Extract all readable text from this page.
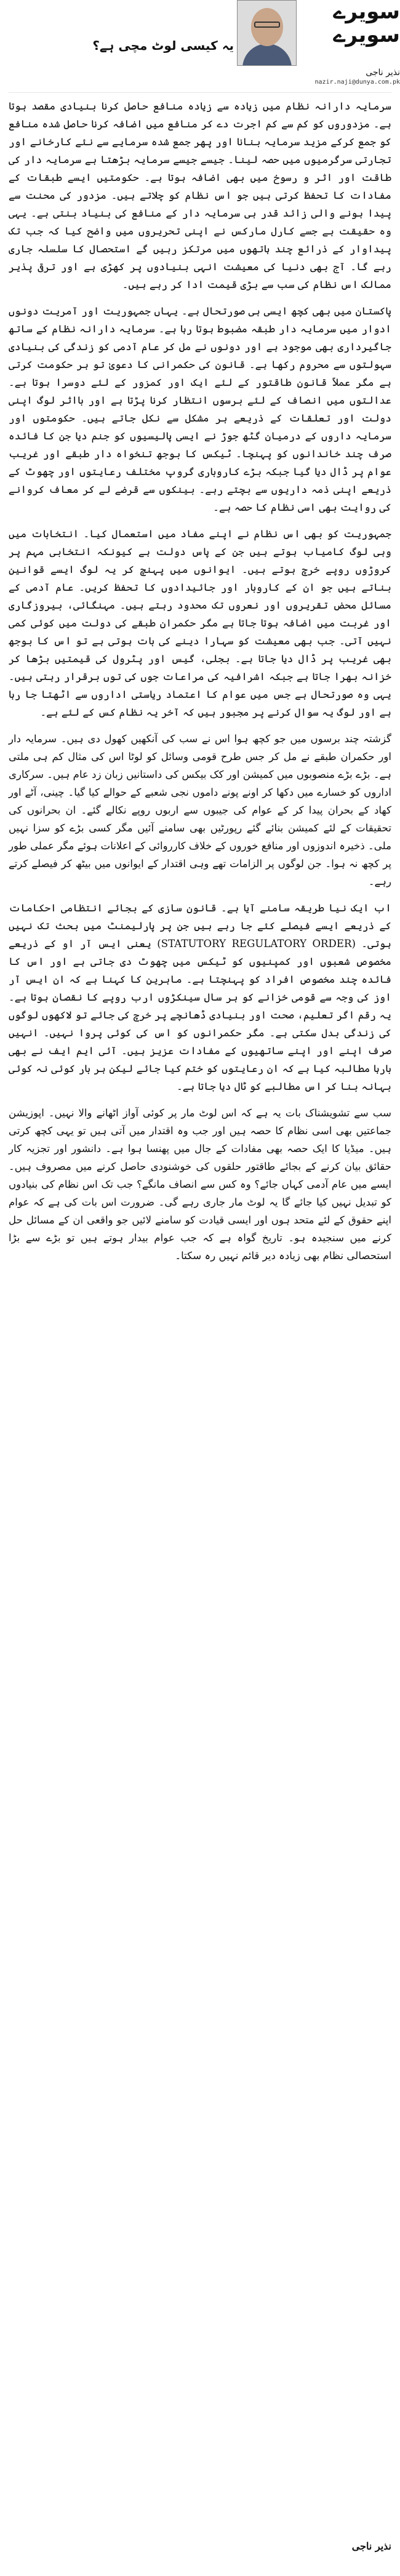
سویرے
سویرے
یہ کیسی لوٹ مچی ہے؟
نذیر ناجی
nazir.naji@dunya.com.pk

سرمایہ دارانہ نظام میں زیادہ سے زیادہ منافع حاصل کرنا بنیادی مقصد ہوتا ہے۔ مزدوروں کو کم سے کم اجرت دے کر منافع میں اضافہ کرنا حاصل شدہ منافع کو جمع کرکے مزید سرمایہ بنانا اور پھر جمع شدہ سرمایے سے نئے کارخانے اور تجارتی سرگرمیوں میں حصہ لینا۔ جیسے جیسے سرمایہ بڑھتا ہے سرمایہ دار کی طاقت اور اثر و رسوخ میں بھی اضافہ ہوتا ہے۔ حکومتیں ایسے طبقات کے مفادات کا تحفظ کرتی ہیں جو اس نظام کو چلاتے ہیں۔ مزدور کی محنت سے پیدا ہونے والی زائد قدر ہی سرمایہ دار کے منافع کی بنیاد بنتی ہے۔ یہی وہ حقیقت ہے جسے کارل مارکس نے اپنی تحریروں میں واضح کیا کہ جب تک پیداوار کے ذرائع چند ہاتھوں میں مرتکز رہیں گے استحصال کا سلسلہ جاری رہے گا۔ آج بھی دنیا کی معیشت انہی بنیادوں پر کھڑی ہے اور ترقی پذیر ممالک اس نظام کی سب سے بڑی قیمت ادا کر رہے ہیں۔

پاکستان میں بھی کچھ ایسی ہی صورتحال ہے۔ یہاں جمہوریت اور آمریت دونوں ادوار میں سرمایہ دار طبقہ مضبوط ہوتا رہا ہے۔ سرمایہ دارانہ نظام کے ساتھ جاگیرداری بھی موجود ہے اور دونوں نے مل کر عام آدمی کو زندگی کی بنیادی سہولتوں سے محروم رکھا ہے۔ قانون کی حکمرانی کا دعویٰ تو ہر حکومت کرتی ہے مگر عملاً قانون طاقتور کے لئے ایک اور کمزور کے لئے دوسرا ہوتا ہے۔ عدالتوں میں انصاف کے لئے برسوں انتظار کرنا پڑتا ہے اور بااثر لوگ اپنی دولت اور تعلقات کے ذریعے ہر مشکل سے نکل جاتے ہیں۔ حکومتوں اور سرمایہ داروں کے درمیان گٹھ جوڑ نے ایسی پالیسیوں کو جنم دیا جن کا فائدہ صرف چند خاندانوں کو پہنچا۔ ٹیکس کا بوجھ تنخواہ دار طبقے اور غریب عوام پر ڈال دیا گیا جبکہ بڑے کاروباری گروپ مختلف رعایتوں اور چھوٹ کے ذریعے اپنی ذمہ داریوں سے بچتے رہے۔ بینکوں سے قرضے لے کر معاف کروانے کی روایت بھی اسی نظام کا حصہ ہے۔

جمہوریت کو بھی اس نظام نے اپنے مفاد میں استعمال کیا۔ انتخابات میں وہی لوگ کامیاب ہوتے ہیں جن کے پاس دولت ہے کیونکہ انتخابی مہم پر کروڑوں روپے خرچ ہوتے ہیں۔ ایوانوں میں پہنچ کر یہ لوگ ایسے قوانین بناتے ہیں جو ان کے کاروبار اور جائیدادوں کا تحفظ کریں۔ عام آدمی کے مسائل محض تقریروں اور نعروں تک محدود رہتے ہیں۔ مہنگائی، بیروزگاری اور غربت میں اضافہ ہوتا جاتا ہے مگر حکمران طبقے کی دولت میں کوئی کمی نہیں آتی۔ جب بھی معیشت کو سہارا دینے کی بات ہوتی ہے تو اس کا بوجھ بھی غریب پر ڈال دیا جاتا ہے۔ بجلی، گیس اور پٹرول کی قیمتیں بڑھا کر خزانہ بھرا جاتا ہے جبکہ اشرافیہ کی مراعات جوں کی توں برقرار رہتی ہیں۔ یہی وہ صورتحال ہے جس میں عوام کا اعتماد ریاستی اداروں سے اٹھتا جا رہا ہے اور لوگ یہ سوال کرنے پر مجبور ہیں کہ آخر یہ نظام کس کے لئے ہے۔

گزشتہ چند برسوں میں جو کچھ ہوا اس نے سب کی آنکھیں کھول دی ہیں۔ سرمایہ دار اور حکمران طبقے نے مل کر جس طرح قومی وسائل کو لوٹا اس کی مثال کم ہی ملتی ہے۔ بڑے بڑے منصوبوں میں کمیشن اور کک بیکس کی داستانیں زبان زد عام ہیں۔ سرکاری اداروں کو خسارے میں دکھا کر اونے پونے داموں نجی شعبے کے حوالے کیا گیا۔ چینی، آٹے اور کھاد کے بحران پیدا کر کے عوام کی جیبوں سے اربوں روپے نکالے گئے۔ ان بحرانوں کی تحقیقات کے لئے کمیشن بنائے گئے رپورٹیں بھی سامنے آئیں مگر کسی بڑے کو سزا نہیں ملی۔ ذخیرہ اندوزوں اور منافع خوروں کے خلاف کارروائی کے اعلانات ہوئے مگر عملی طور پر کچھ نہ ہوا۔ جن لوگوں پر الزامات تھے وہی اقتدار کے ایوانوں میں بیٹھ کر فیصلے کرتے رہے۔

اب ایک نیا طریقہ سامنے آیا ہے۔ قانون سازی کے بجائے انتظامی احکامات کے ذریعے ایسے فیصلے کئے جا رہے ہیں جن پر پارلیمنٹ میں بحث تک نہیں ہوتی۔ (STATUTORY REGULATORY ORDER) یعنی ایس آر او کے ذریعے مخصوص شعبوں اور کمپنیوں کو ٹیکس میں چھوٹ دی جاتی ہے اور اس کا فائدہ چند مخصوص افراد کو پہنچتا ہے۔ ماہرین کا کہنا ہے کہ ان ایس آر اوز کی وجہ سے قومی خزانے کو ہر سال سینکڑوں ارب روپے کا نقصان ہوتا ہے۔ یہ رقم اگر تعلیم، صحت اور بنیادی ڈھانچے پر خرچ کی جائے تو لاکھوں لوگوں کی زندگی بدل سکتی ہے۔ مگر حکمرانوں کو اس کی کوئی پروا نہیں۔ انہیں صرف اپنے اور اپنے ساتھیوں کے مفادات عزیز ہیں۔ آئی ایم ایف نے بھی بارہا مطالبہ کیا ہے کہ ان رعایتوں کو ختم کیا جائے لیکن ہر بار کوئی نہ کوئی بہانہ بنا کر اس مطالبے کو ٹال دیا جاتا ہے۔

سب سے تشویشناک بات یہ ہے کہ اس لوٹ مار پر کوئی آواز اٹھانے والا نہیں۔ اپوزیشن جماعتیں بھی اسی نظام کا حصہ ہیں اور جب وہ اقتدار میں آتی ہیں تو یہی کچھ کرتی ہیں۔ میڈیا کا ایک حصہ بھی مفادات کے جال میں پھنسا ہوا ہے۔ دانشور اور تجزیہ کار حقائق بیان کرنے کے بجائے طاقتور حلقوں کی خوشنودی حاصل کرنے میں مصروف ہیں۔ ایسے میں عام آدمی کہاں جائے؟ وہ کس سے انصاف مانگے؟ جب تک اس نظام کی بنیادوں کو تبدیل نہیں کیا جائے گا یہ لوٹ مار جاری رہے گی۔ ضرورت اس بات کی ہے کہ عوام اپنے حقوق کے لئے متحد ہوں اور ایسی قیادت کو سامنے لائیں جو واقعی ان کے مسائل حل کرنے میں سنجیدہ ہو۔ تاریخ گواہ ہے کہ جب عوام بیدار ہوتے ہیں تو بڑے سے بڑا استحصالی نظام بھی زیادہ دیر قائم نہیں رہ سکتا۔

نذیر ناجی
